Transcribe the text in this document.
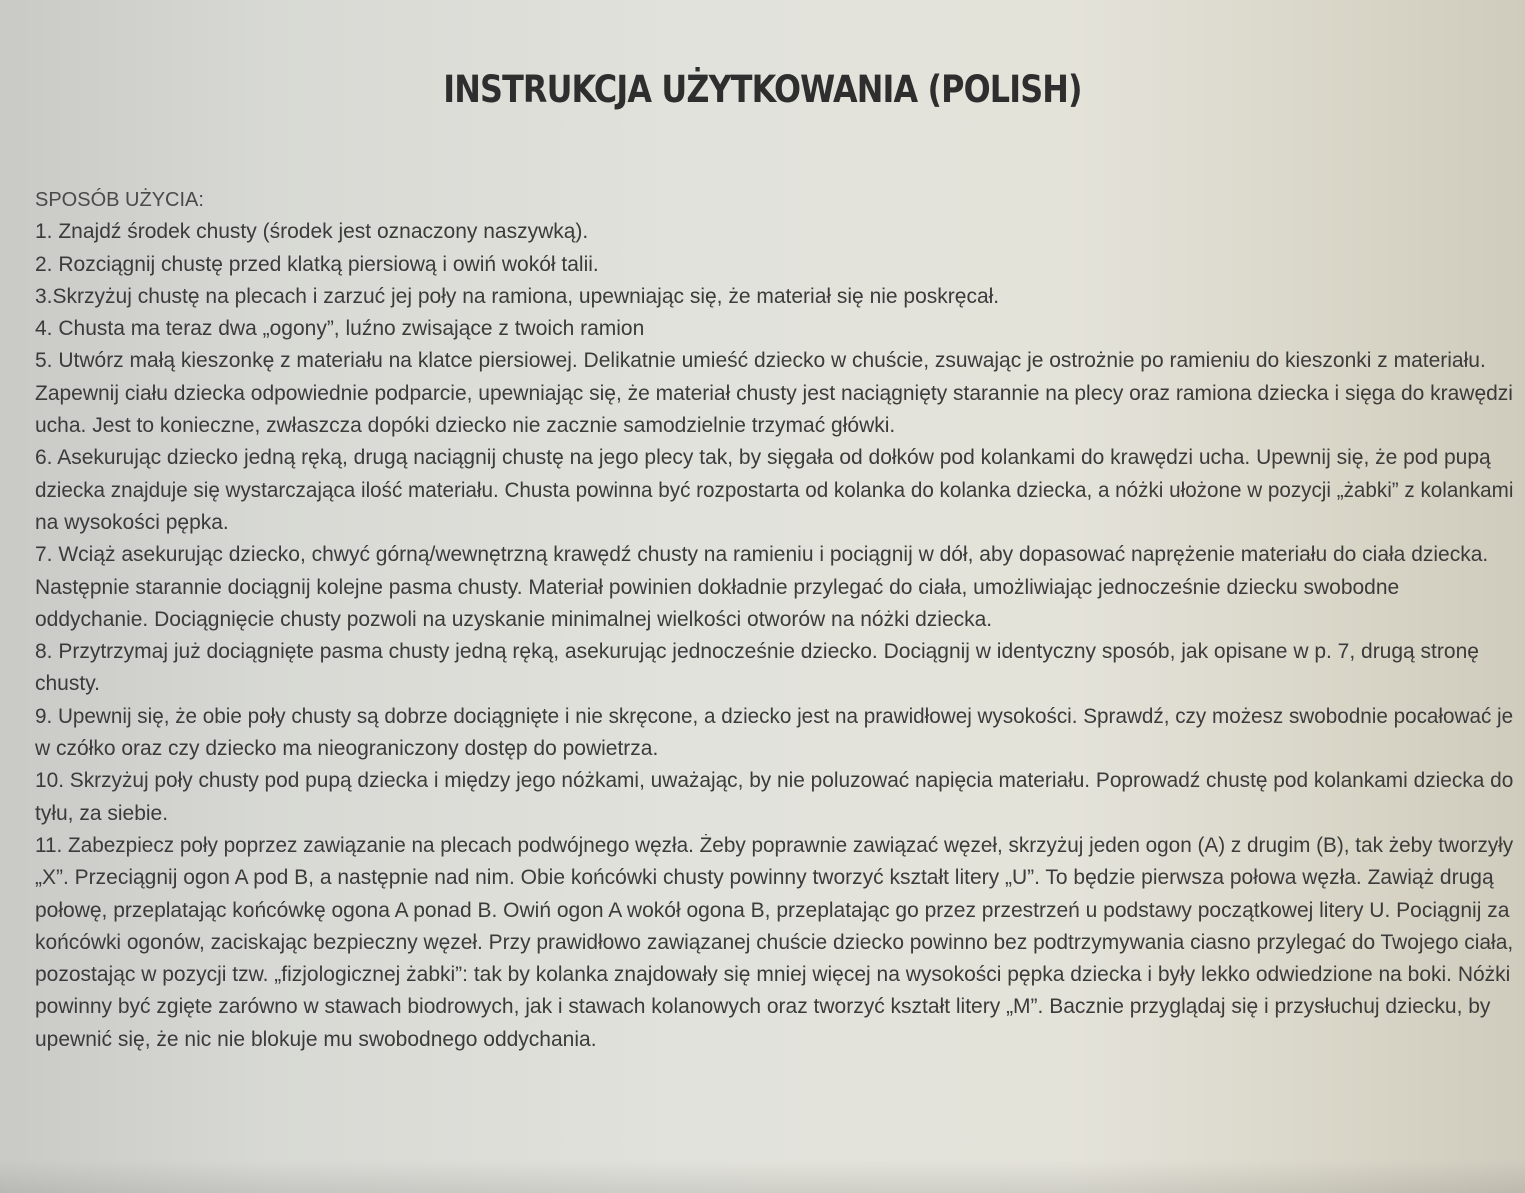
INSTRUKCJA UŻYTKOWANIA (POLISH)
SPOSÓB UŻYCIA:
1. Znajdź środek chusty (środek jest oznaczony naszywką).
2. Rozciągnij chustę przed klatką piersiową i owiń wokół talii.
3.Skrzyżuj chustę na plecach i zarzuć jej poły na ramiona, upewniając się, że materiał się nie poskręcał.
4. Chusta ma teraz dwa „ogony”, luźno zwisające z twoich ramion
5. Utwórz małą kieszonkę z materiału na klatce piersiowej. Delikatnie umieść dziecko w chuście, zsuwając je ostrożnie po ramieniu do kieszonki z materiału.
Zapewnij ciału dziecka odpowiednie podparcie, upewniając się, że materiał chusty jest naciągnięty starannie na plecy oraz ramiona dziecka i sięga do krawędzi
ucha. Jest to konieczne, zwłaszcza dopóki dziecko nie zacznie samodzielnie trzymać główki.
6. Asekurując dziecko jedną ręką, drugą naciągnij chustę na jego plecy tak, by sięgała od dołków pod kolankami do krawędzi ucha. Upewnij się, że pod pupą
dziecka znajduje się wystarczająca ilość materiału. Chusta powinna być rozpostarta od kolanka do kolanka dziecka, a nóżki ułożone w pozycji „żabki” z kolankami
na wysokości pępka.
7. Wciąż asekurując dziecko, chwyć górną/wewnętrzną krawędź chusty na ramieniu i pociągnij w dół, aby dopasować naprężenie materiału do ciała dziecka.
Następnie starannie dociągnij kolejne pasma chusty. Materiał powinien dokładnie przylegać do ciała, umożliwiając jednocześnie dziecku swobodne
oddychanie. Dociągnięcie chusty pozwoli na uzyskanie minimalnej wielkości otworów na nóżki dziecka.
8. Przytrzymaj już dociągnięte pasma chusty jedną ręką, asekurując jednocześnie dziecko. Dociągnij w identyczny sposób, jak opisane w p. 7, drugą stronę
chusty.
9. Upewnij się, że obie poły chusty są dobrze dociągnięte i nie skręcone, a dziecko jest na prawidłowej wysokości. Sprawdź, czy możesz swobodnie pocałować je
w czółko oraz czy dziecko ma nieograniczony dostęp do powietrza.
10. Skrzyżuj poły chusty pod pupą dziecka i między jego nóżkami, uważając, by nie poluzować napięcia materiału. Poprowadź chustę pod kolankami dziecka do
tyłu, za siebie.
11. Zabezpiecz poły poprzez zawiązanie na plecach podwójnego węzła. Żeby poprawnie zawiązać węzeł, skrzyżuj jeden ogon (A) z drugim (B), tak żeby tworzyły
„X”. Przeciągnij ogon A pod B, a następnie nad nim. Obie końcówki chusty powinny tworzyć kształt litery „U”. To będzie pierwsza połowa węzła. Zawiąż drugą
połowę, przeplatając końcówkę ogona A ponad B. Owiń ogon A wokół ogona B, przeplatając go przez przestrzeń u podstawy początkowej litery U. Pociągnij za
końcówki ogonów, zaciskając bezpieczny węzeł. Przy prawidłowo zawiązanej chuście dziecko powinno bez podtrzymywania ciasno przylegać do Twojego ciała,
pozostając w pozycji tzw. „fizjologicznej żabki”: tak by kolanka znajdowały się mniej więcej na wysokości pępka dziecka i były lekko odwiedzione na boki. Nóżki
powinny być zgięte zarówno w stawach biodrowych, jak i stawach kolanowych oraz tworzyć kształt litery „M”. Bacznie przyglądaj się i przysłuchuj dziecku, by
upewnić się, że nic nie blokuje mu swobodnego oddychania.
